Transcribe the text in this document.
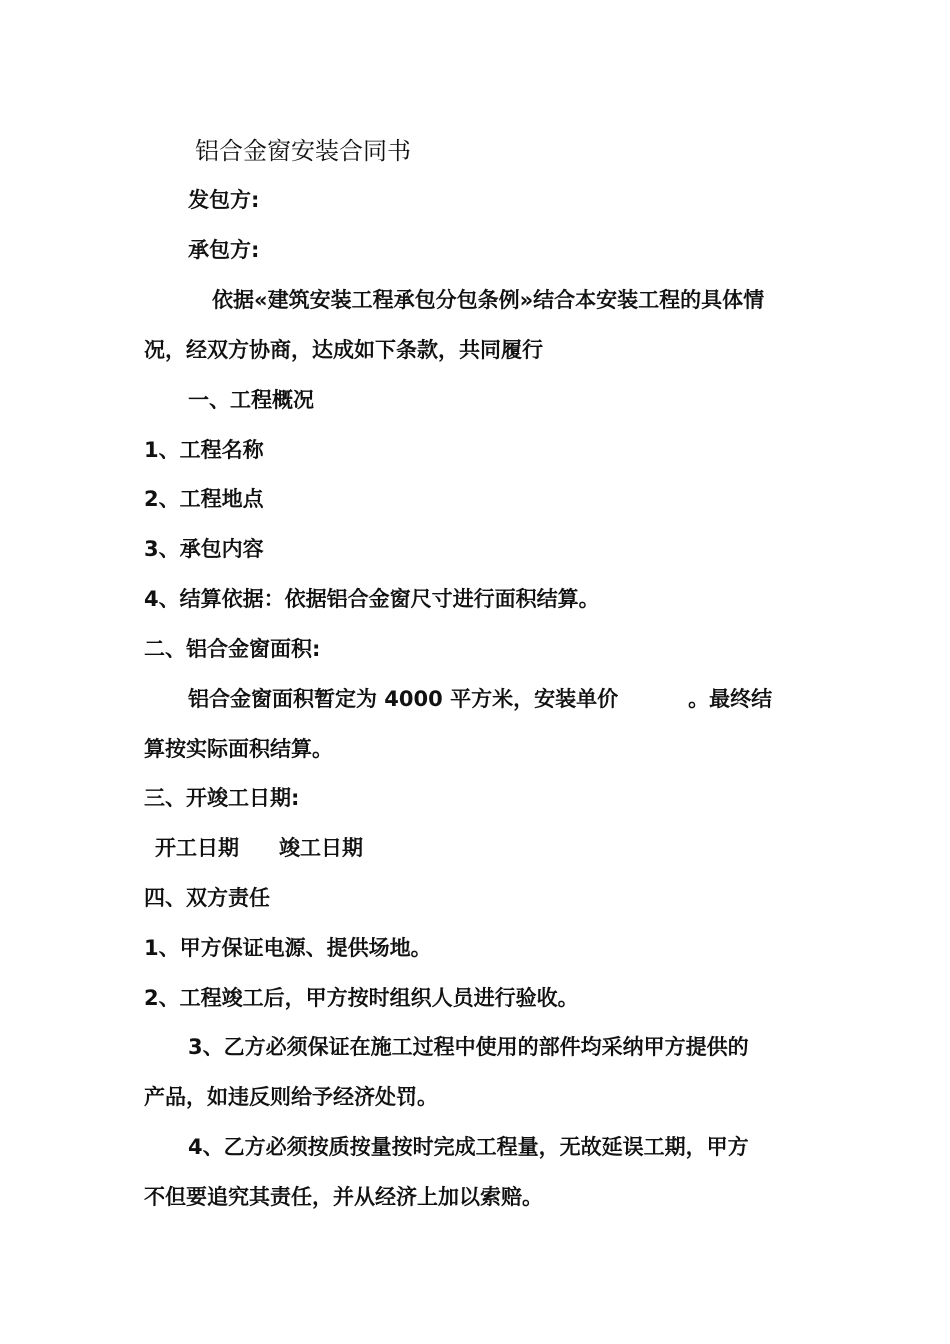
铝合金窗安装合同书
发包方:
承包方:
依据«建筑安装工程承包分包条例»结合本安装工程的具体情
况，经双方协商，达成如下条款，共同履行
一、工程概况
1、工程名称
2、工程地点
3、承包内容
4、结算依据：依据铝合金窗尺寸进行面积结算。
二、铝合金窗面积:
铝合金窗面积暂定为 4000 平方米，安装单价	。最终结
算按实际面积结算。
三、开竣工日期:
开工日期 竣工日期
四、双方责任
1、甲方保证电源、提供场地。
2、工程竣工后，甲方按时组织人员进行验收。
3、乙方必须保证在施工过程中使用的部件均采纳甲方提供的
产品，如违反则给予经济处罚。
4、乙方必须按质按量按时完成工程量，无故延误工期，甲方
不但要追究其责任，并从经济上加以索赔。
